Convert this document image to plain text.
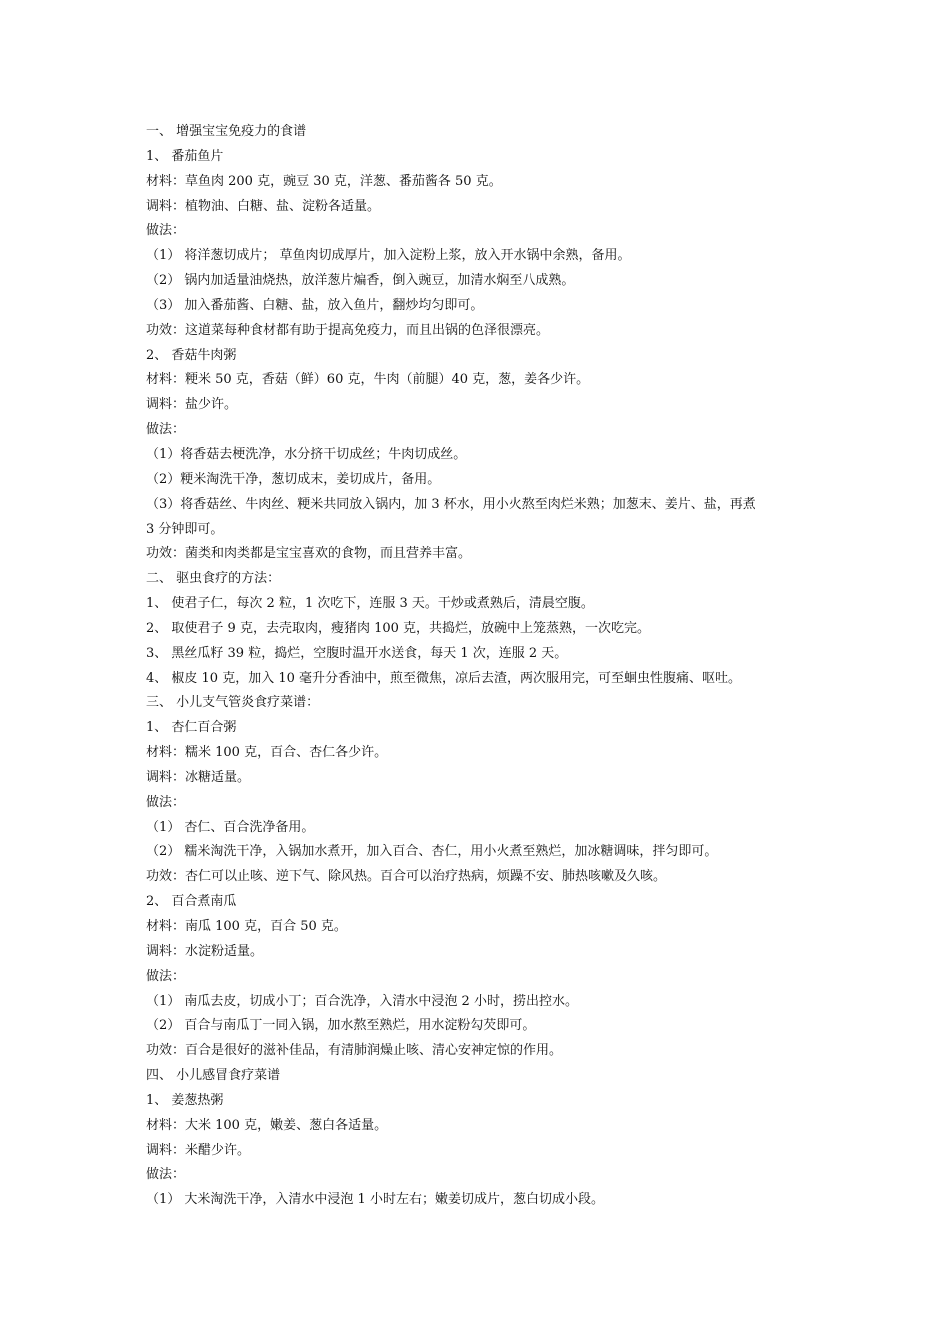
一、 增强宝宝免疫力的食谱
1、 番茄鱼片
材料：草鱼肉 200 克，豌豆 30 克，洋葱、番茄酱各 50 克。
调料：植物油、白糖、盐、淀粉各适量。
做法：
（1） 将洋葱切成片； 草鱼肉切成厚片，加入淀粉上浆，放入开水锅中余熟，备用。
（2） 锅内加适量油烧热，放洋葱片煸香，倒入豌豆，加清水焖至八成熟。
（3） 加入番茄酱、白糖、盐，放入鱼片，翻炒均匀即可。
功效：这道菜每种食材都有助于提高免疫力，而且出锅的色泽很漂亮。
2、 香菇牛肉粥
材料：粳米 50 克，香菇（鲜）60 克，牛肉（前腿）40 克，葱，姜各少许。
调料：盐少许。
做法：
（1）将香菇去梗洗净，水分挤干切成丝；牛肉切成丝。
（2）粳米淘洗干净，葱切成末，姜切成片，备用。
（3）将香菇丝、牛肉丝、粳米共同放入锅内，加 3 杯水，用小火熬至肉烂米熟；加葱末、姜片、盐，再煮
3 分钟即可。
功效：菌类和肉类都是宝宝喜欢的食物，而且营养丰富。
二、 驱虫食疗的方法：
1、 使君子仁，每次 2 粒，1 次吃下，连服 3 天。干炒或煮熟后，清晨空腹。
2、 取使君子 9 克，去壳取肉，瘦猪肉 100 克，共捣烂，放碗中上笼蒸熟，一次吃完。
3、 黑丝瓜籽 39 粒，捣烂，空腹时温开水送食，每天 1 次，连服 2 天。
4、 椒皮 10 克，加入 10 毫升分香油中，煎至微焦，凉后去渣，两次服用完，可至蛔虫性腹痛、呕吐。
三、 小儿支气管炎食疗菜谱：
1、 杏仁百合粥
材料：糯米 100 克，百合、杏仁各少许。
调料：冰糖适量。
做法：
（1） 杏仁、百合洗净备用。
（2） 糯米淘洗干净，入锅加水煮开，加入百合、杏仁，用小火煮至熟烂，加冰糖调味，拌匀即可。
功效：杏仁可以止咳、逆下气、除风热。百合可以治疗热病，烦躁不安、肺热咳嗽及久咳。
2、 百合煮南瓜
材料：南瓜 100 克，百合 50 克。
调料：水淀粉适量。
做法：
（1） 南瓜去皮，切成小丁；百合洗净，入清水中浸泡 2 小时，捞出控水。
（2） 百合与南瓜丁一同入锅，加水熬至熟烂，用水淀粉勾芡即可。
功效：百合是很好的滋补佳品，有清肺润燥止咳、清心安神定惊的作用。
四、 小儿感冒食疗菜谱
1、 姜葱热粥
材料：大米 100 克，嫩姜、葱白各适量。
调料：米醋少许。
做法：
（1） 大米淘洗干净，入清水中浸泡 1 小时左右；嫩姜切成片，葱白切成小段。
